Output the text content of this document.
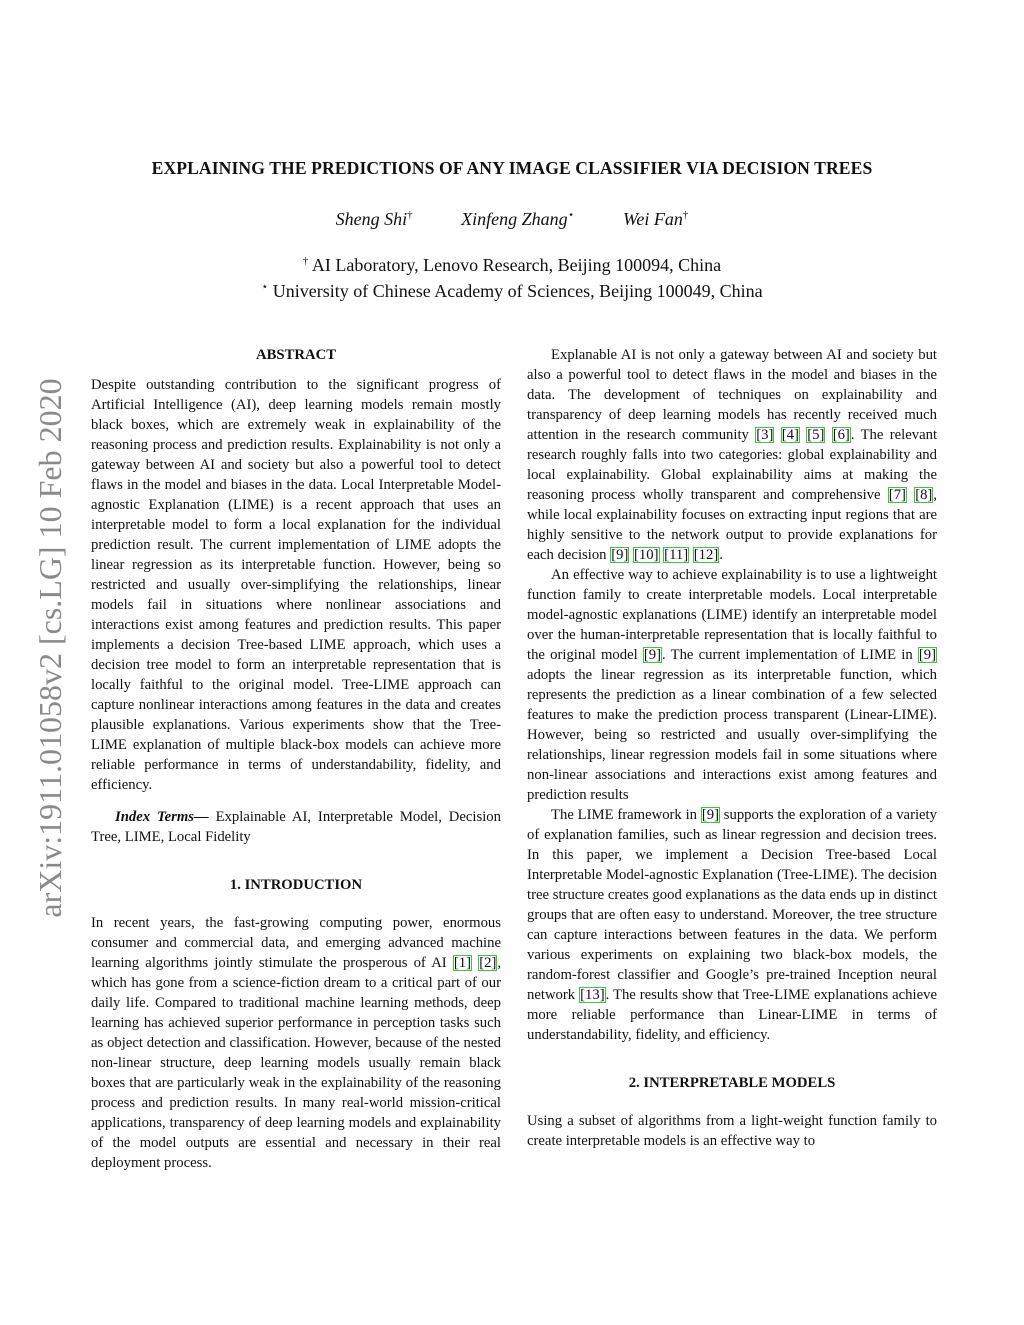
EXPLAINING THE PREDICTIONS OF ANY IMAGE CLASSIFIER VIA DECISION TREES
Sheng Shi†	Xinfeng Zhang⋆	Wei Fan†
† AI Laboratory, Lenovo Research, Beijing 100094, China
⋆ University of Chinese Academy of Sciences, Beijing 100049, China
arXiv:1911.01058v2 [cs.LG] 10 Feb 2020

ABSTRACT

Despite outstanding contribution to the significant progress of Artificial Intelligence (AI), deep learning models remain mostly black boxes, which are extremely weak in explainability of the reasoning process and prediction results. Explainability is not only a gateway between AI and society but also a powerful tool to detect flaws in the model and biases in the data. Local Interpretable Model-agnostic Explanation (LIME) is a recent approach that uses an interpretable model to form a local explanation for the individual prediction result. The current implementation of LIME adopts the linear regression as its interpretable function. However, being so restricted and usually over-simplifying the relationships, linear models fail in situations where nonlinear associations and interactions exist among features and prediction results. This paper implements a decision Tree-based LIME approach, which uses a decision tree model to form an interpretable representation that is locally faithful to the original model. Tree-LIME approach can capture nonlinear interactions among features in the data and creates plausible explanations. Various experiments show that the Tree-LIME explanation of multiple black-box models can achieve more reliable performance in terms of understandability, fidelity, and efficiency.

Index Terms— Explainable AI, Interpretable Model, Decision Tree, LIME, Local Fidelity

1. INTRODUCTION

In recent years, the fast-growing computing power, enormous consumer and commercial data, and emerging advanced machine learning algorithms jointly stimulate the prosperous of AI [1] [2], which has gone from a science-fiction dream to a critical part of our daily life. Compared to traditional machine learning methods, deep learning has achieved superior performance in perception tasks such as object detection and classification. However, because of the nested non-linear structure, deep learning models usually remain black boxes that are particularly weak in the explainability of the reasoning process and prediction results. In many real-world mission-critical applications, transparency of deep learning models and explainability of the model outputs are essential and necessary in their real deployment process.

Explanable AI is not only a gateway between AI and society but also a powerful tool to detect flaws in the model and biases in the data. The development of techniques on explainability and transparency of deep learning models has recently received much attention in the research community [3] [4] [5] [6]. The relevant research roughly falls into two categories: global explainability and local explainability. Global explainability aims at making the reasoning process wholly transparent and comprehensive [7] [8], while local explainability focuses on extracting input regions that are highly sensitive to the network output to provide explanations for each decision [9] [10] [11] [12].

An effective way to achieve explainability is to use a lightweight function family to create interpretable models. Local interpretable model-agnostic explanations (LIME) identify an interpretable model over the human-interpretable representation that is locally faithful to the original model [9]. The current implementation of LIME in [9] adopts the linear regression as its interpretable function, which represents the prediction as a linear combination of a few selected features to make the prediction process transparent (Linear-LIME). However, being so restricted and usually over-simplifying the relationships, linear regression models fail in some situations where non-linear associations and interactions exist among features and prediction results

The LIME framework in [9] supports the exploration of a variety of explanation families, such as linear regression and decision trees. In this paper, we implement a Decision Tree-based Local Interpretable Model-agnostic Explanation (Tree-LIME). The decision tree structure creates good explanations as the data ends up in distinct groups that are often easy to understand. Moreover, the tree structure can capture interactions between features in the data. We perform various experiments on explaining two black-box models, the random-forest classifier and Google’s pre-trained Inception neural network [13]. The results show that Tree-LIME explanations achieve more reliable performance than Linear-LIME in terms of understandability, fidelity, and efficiency.

2. INTERPRETABLE MODELS

Using a subset of algorithms from a light-weight function family to create interpretable models is an effective way to
